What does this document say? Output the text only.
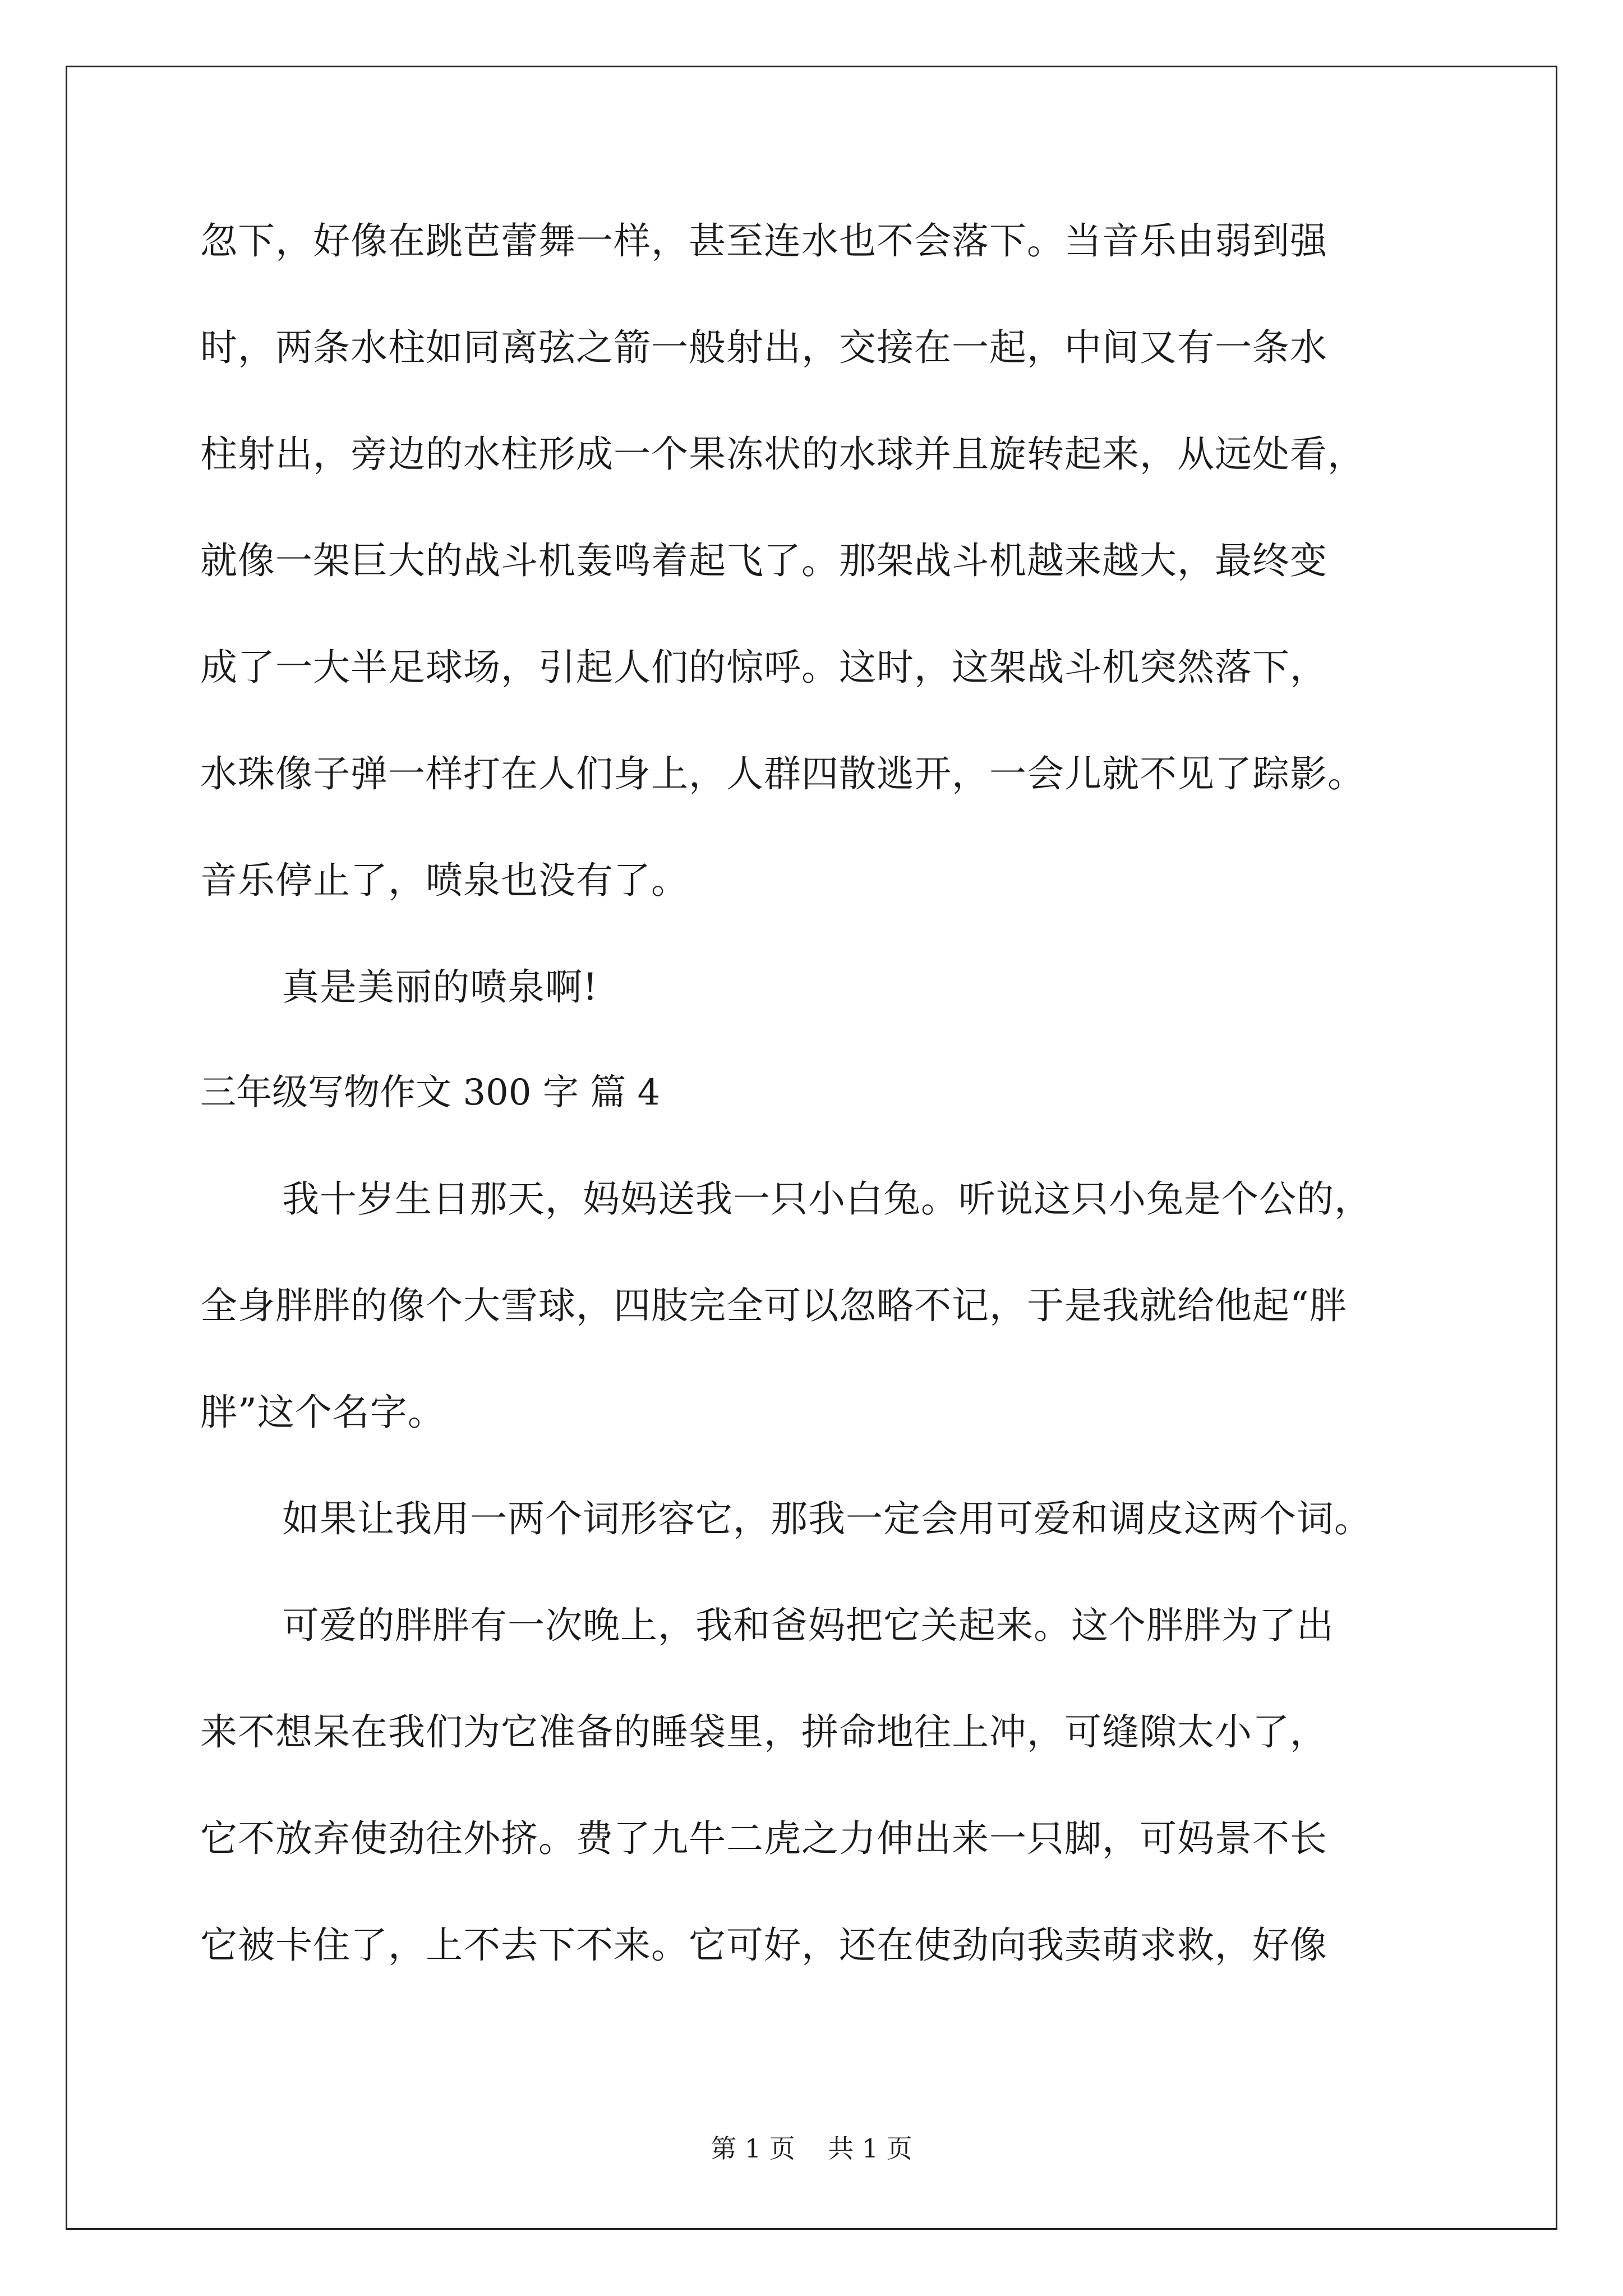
忽下，好像在跳芭蕾舞一样，甚至连水也不会落下。当音乐由弱到强
时，两条水柱如同离弦之箭一般射出，交接在一起，中间又有一条水
柱射出，旁边的水柱形成一个果冻状的水球并且旋转起来，从远处看，
就像一架巨大的战斗机轰鸣着起飞了。那架战斗机越来越大，最终变
成了一大半足球场，引起人们的惊呼。这时，这架战斗机突然落下，
水珠像子弹一样打在人们身上，人群四散逃开，一会儿就不见了踪影。
音乐停止了，喷泉也没有了。
真是美丽的喷泉啊!
三年级写物作文 300 字 篇 4
我十岁生日那天，妈妈送我一只小白兔。听说这只小兔是个公的，
全身胖胖的像个大雪球，四肢完全可以忽略不记，于是我就给他起“胖
胖”这个名字。
如果让我用一两个词形容它，那我一定会用可爱和调皮这两个词。
可爱的胖胖有一次晚上，我和爸妈把它关起来。这个胖胖为了出
来不想呆在我们为它准备的睡袋里，拼命地往上冲，可缝隙太小了，
它不放弃使劲往外挤。费了九牛二虎之力伸出来一只脚，可妈景不长
它被卡住了，上不去下不来。它可好，还在使劲向我卖萌求救，好像
第 1 页    共 1 页
